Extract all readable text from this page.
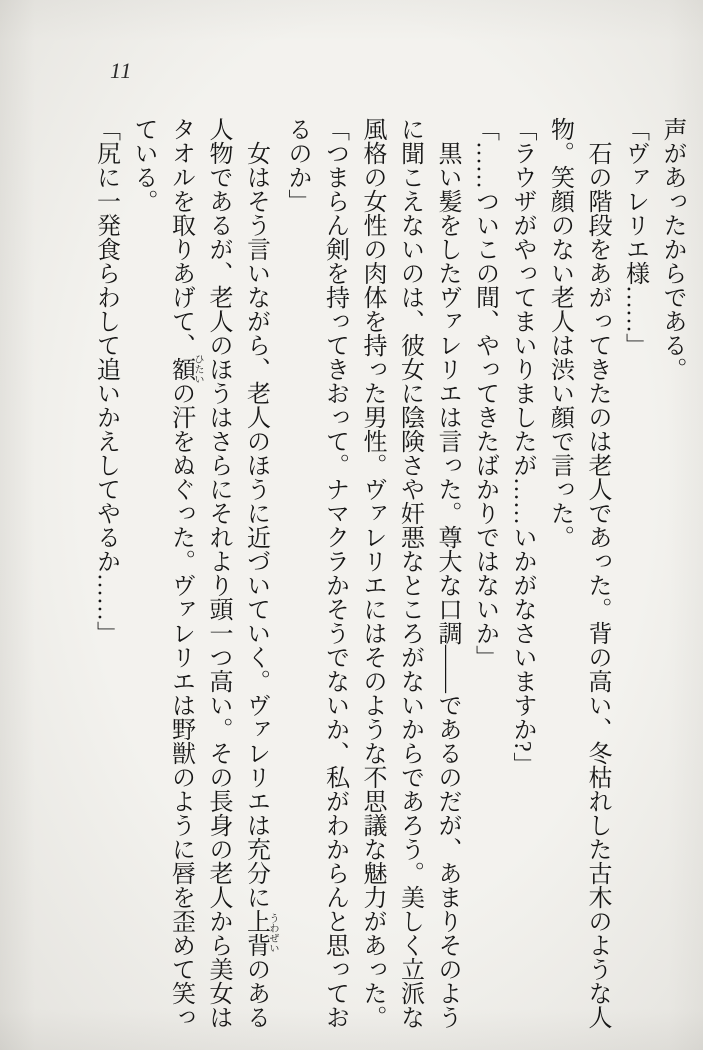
11

声があったからである。

「ヴァレリエ様……」

石の階段をあがってきたのは老人であった。背の高い、冬枯れした古木のような人物。笑顔のない老人は渋い顔で言った。

「ラウザがやってまいりましたが……いかがなさいますか?」

「……ついこの間、やってきたばかりではないか」

黒い髪をしたヴァレリエは言った。尊大な口調——であるのだが、あまりそのように聞こえないのは、彼女に陰険さや奸悪なところがないからであろう。美しく立派な風格の女性の肉体を持った男性。ヴァレリエにはそのような不思議な魅力があった。

「つまらん剣を持ってきおって。ナマクラかそうでないか、私がわからんと思っておるのか」

女はそう言いながら、老人のほうに近づいていく。ヴァレリエは充分に上背うわぜいのある人物であるが、老人のほうはさらにそれより頭一つ高い。その長身の老人から美女はタオルを取りあげて、額ひたいの汗をぬぐった。ヴァレリエは野獣のように唇を歪めて笑っている。

「尻に一発食らわして追いかえしてやるか……」
